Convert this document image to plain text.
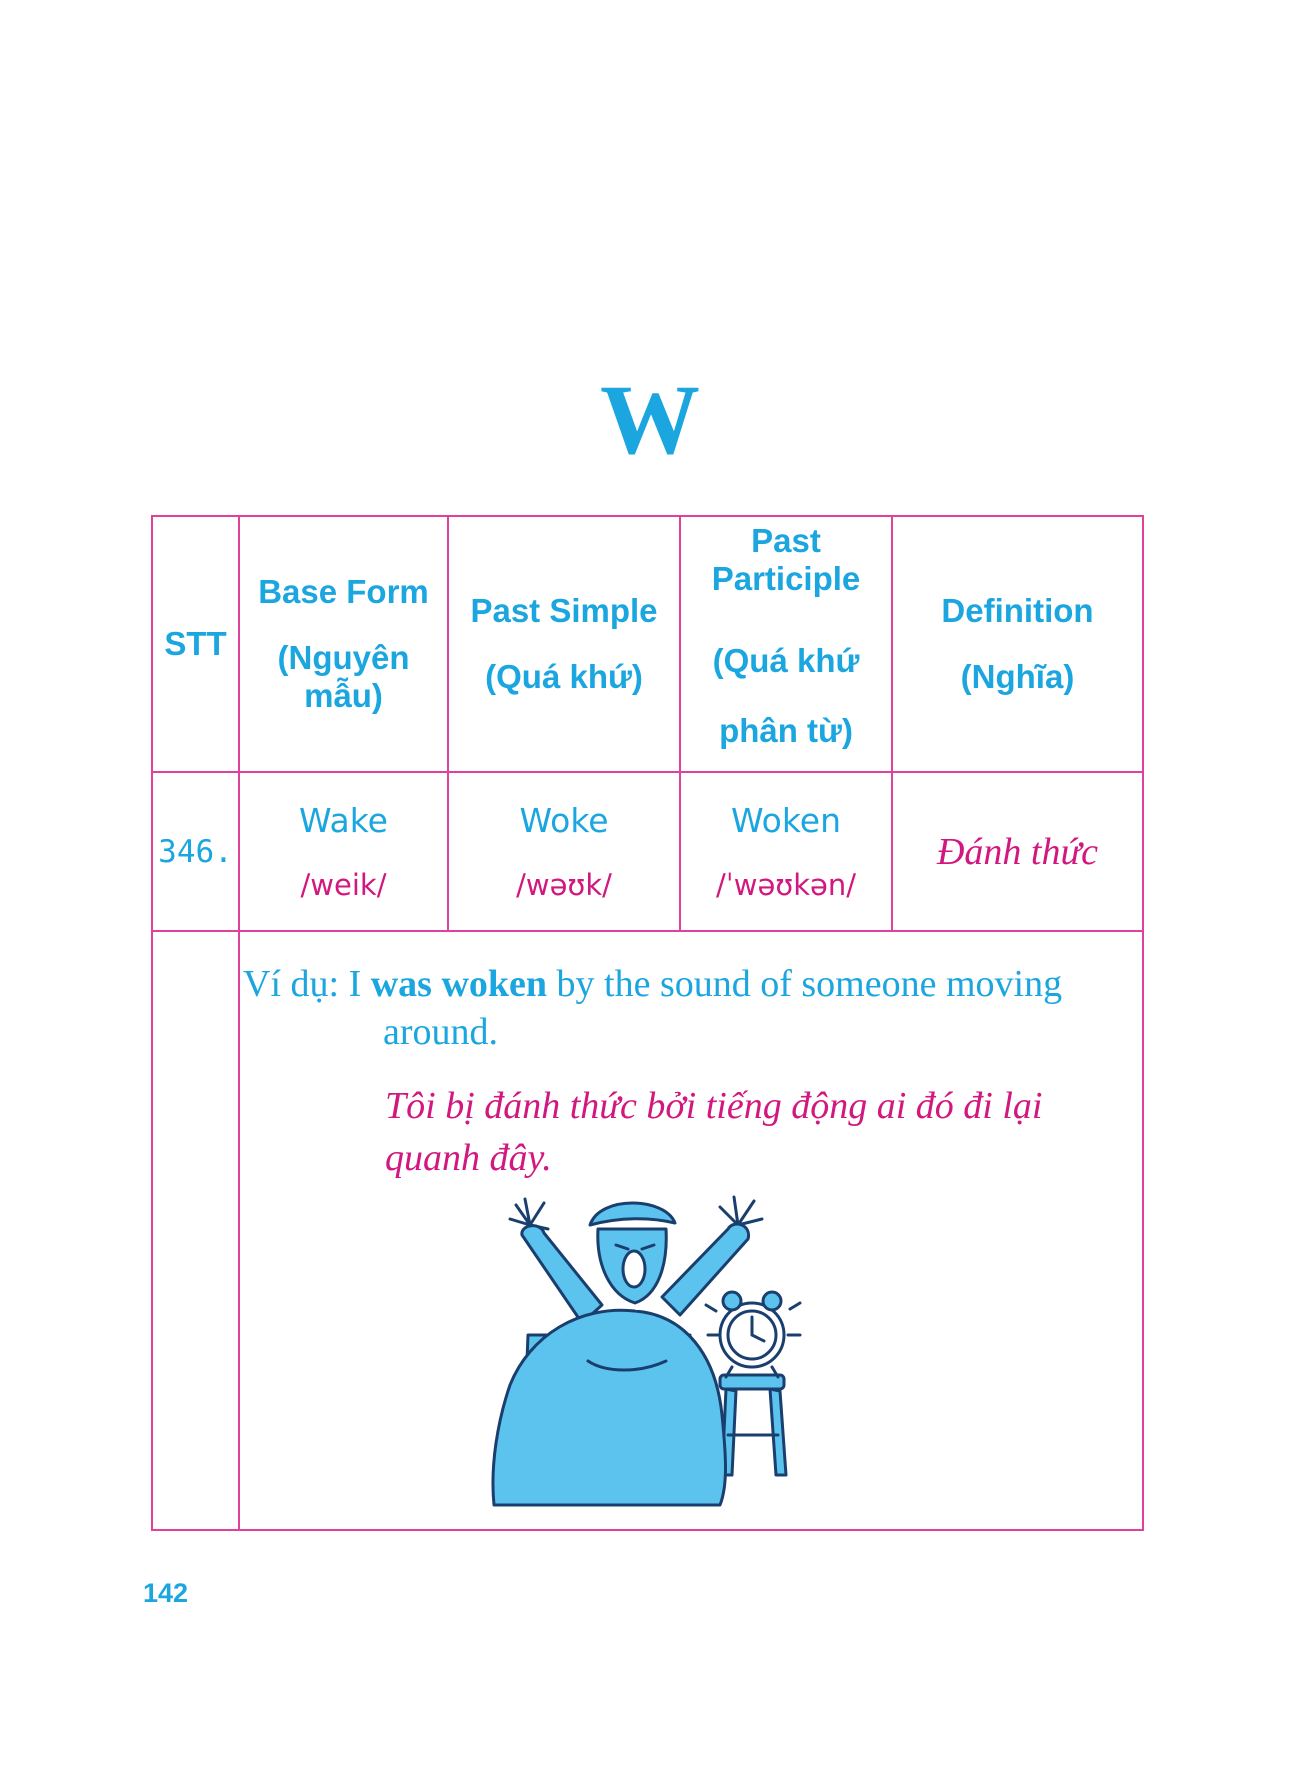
W
STT
Base Form
(Nguyên mẫu)
Past Simple
(Quá khứ)
Past Participle
(Quá khứ phân từ)
Definition
(Nghĩa)
346.
Wake
/weik/
Woke
/wəʊk/
Woken
/ˈwəʊkən/
Đánh thức
Ví dụ: I was woken by the sound of someone moving
around.
Tôi bị đánh thức bởi tiếng động ai đó đi lại quanh đây.
142
